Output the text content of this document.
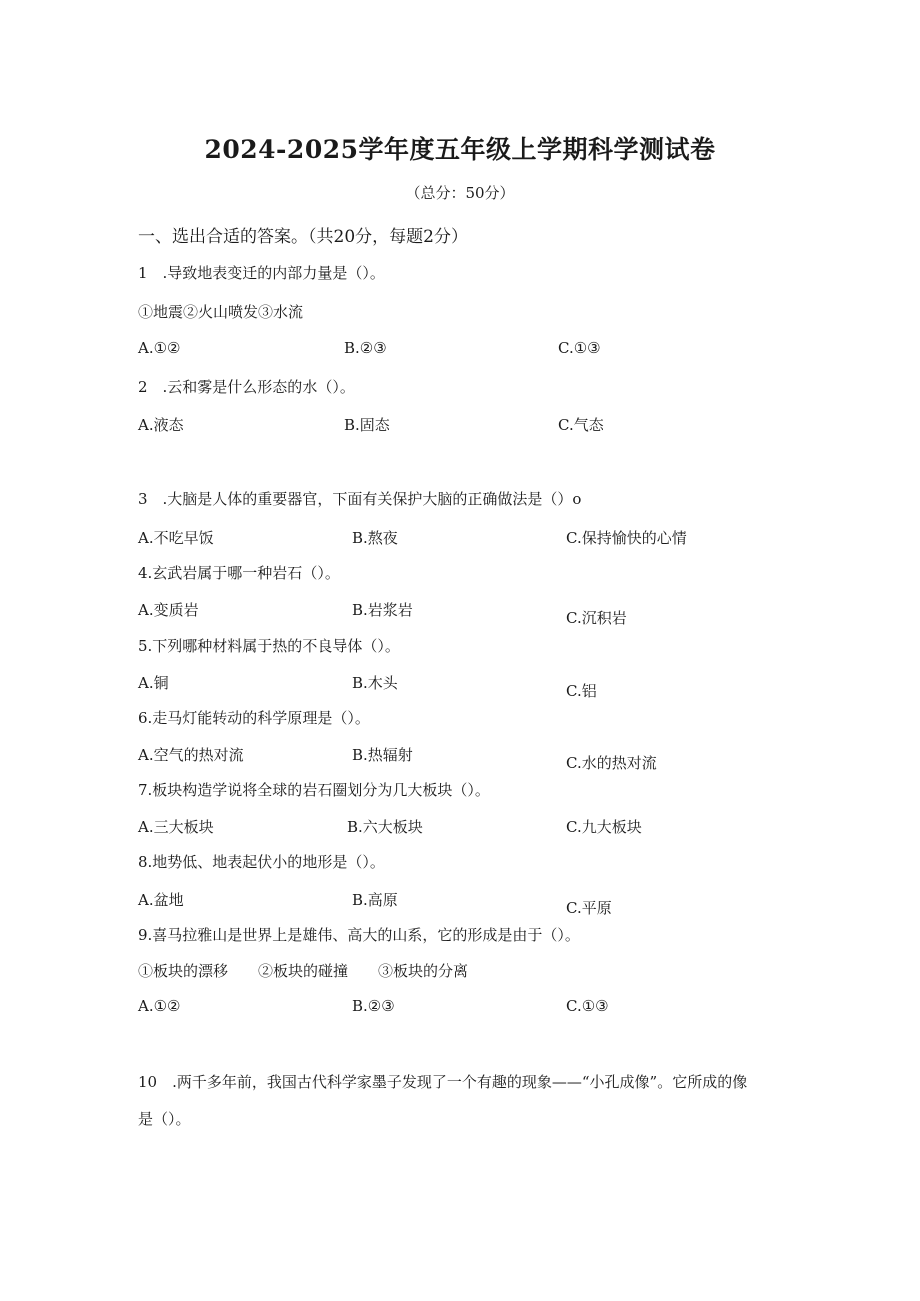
2024-2025学年度五年级上学期科学测试卷
（总分：50分）
一、选出合适的答案。（共20分，每题2分）
1　.导致地表变迁的内部力量是（）。
①地震②火山喷发③水流
A.①②	B.②③	C.①③
2　.云和雾是什么形态的水（）。
A.液态	B.固态	C.气态
3　.大脑是人体的重要器官，下面有关保护大脑的正确做法是（）o
A.不吃早饭	B.熬夜	C.保持愉快的心情
4.玄武岩属于哪一种岩石（）。
A.变质岩	B.岩浆岩	C.沉积岩
5.下列哪种材料属于热的不良导体（）。
A.铜	B.木头	C.铝
6.走马灯能转动的科学原理是（）。
A.空气的热对流	B.热辐射	C.水的热对流
7.板块构造学说将全球的岩石圈划分为几大板块（）。
A.三大板块	B.六大板块	C.九大板块
8.地势低、地表起伏小的地形是（）。
A.盆地	B.高原	C.平原
9.喜马拉雅山是世界上是雄伟、高大的山系，它的形成是由于（）。
①板块的漂移　　②板块的碰撞　　③板块的分离
A.①②	B.②③	C.①③
10　.两千多年前，我国古代科学家墨子发现了一个有趣的现象——“小孔成像”。它所成的像
是（）。
